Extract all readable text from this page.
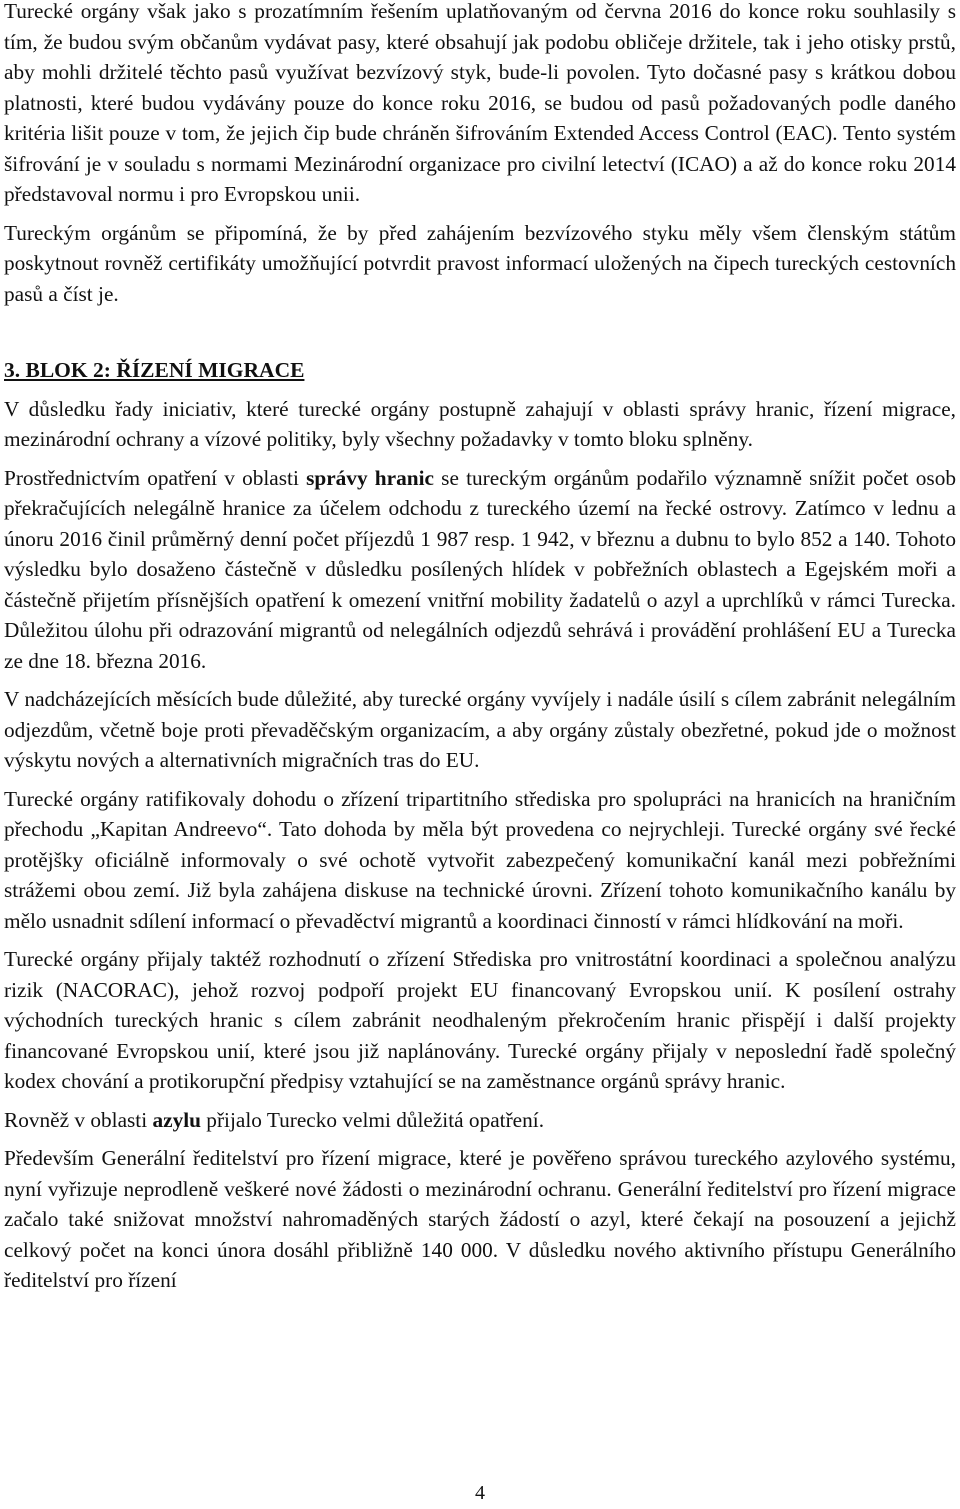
Turecké orgány však jako s prozatímním řešením uplatňovaným od června 2016 do konce roku souhlasily s tím, že budou svým občanům vydávat pasy, které obsahují jak podobu obličeje držitele, tak i jeho otisky prstů, aby mohli držitelé těchto pasů využívat bezvízový styk, bude-li povolen. Tyto dočasné pasy s krátkou dobou platnosti, které budou vydávány pouze do konce roku 2016, se budou od pasů požadovaných podle daného kritéria lišit pouze v tom, že jejich čip bude chráněn šifrováním Extended Access Control (EAC). Tento systém šifrování je v souladu s normami Mezinárodní organizace pro civilní letectví (ICAO) a až do konce roku 2014 představoval normu i pro Evropskou unii.

Tureckým orgánům se připomíná, že by před zahájením bezvízového styku měly všem členským státům poskytnout rovněž certifikáty umožňující potvrdit pravost informací uložených na čipech tureckých cestovních pasů a číst je.

3. BLOK 2: ŘÍZENÍ MIGRACE

V důsledku řady iniciativ, které turecké orgány postupně zahajují v oblasti správy hranic, řízení migrace, mezinárodní ochrany a vízové politiky, byly všechny požadavky v tomto bloku splněny.

Prostřednictvím opatření v oblasti správy hranic se tureckým orgánům podařilo významně snížit počet osob překračujících nelegálně hranice za účelem odchodu z tureckého území na řecké ostrovy. Zatímco v lednu a únoru 2016 činil průměrný denní počet příjezdů 1 987 resp. 1 942, v březnu a dubnu to bylo 852 a 140. Tohoto výsledku bylo dosaženo částečně v důsledku posílených hlídek v pobřežních oblastech a Egejském moři a částečně přijetím přísnějších opatření k omezení vnitřní mobility žadatelů o azyl a uprchlíků v rámci Turecka. Důležitou úlohu při odrazování migrantů od nelegálních odjezdů sehrává i provádění prohlášení EU a Turecka ze dne 18. března 2016.

V nadcházejících měsících bude důležité, aby turecké orgány vyvíjely i nadále úsilí s cílem zabránit nelegálním odjezdům, včetně boje proti převaděčským organizacím, a aby orgány zůstaly obezřetné, pokud jde o možnost výskytu nových a alternativních migračních tras do EU.

Turecké orgány ratifikovaly dohodu o zřízení tripartitního střediska pro spolupráci na hranicích na hraničním přechodu „Kapitan Andreevo“. Tato dohoda by měla být provedena co nejrychleji. Turecké orgány své řecké protějšky oficiálně informovaly o své ochotě vytvořit zabezpečený komunikační kanál mezi pobřežními strážemi obou zemí. Již byla zahájena diskuse na technické úrovni. Zřízení tohoto komunikačního kanálu by mělo usnadnit sdílení informací o převaděctví migrantů a koordinaci činností v rámci hlídkování na moři.

Turecké orgány přijaly taktéž rozhodnutí o zřízení Střediska pro vnitrostátní koordinaci a společnou analýzu rizik (NACORAC), jehož rozvoj podpoří projekt EU financovaný Evropskou unií. K posílení ostrahy východních tureckých hranic s cílem zabránit neodhaleným překročením hranic přispějí i další projekty financované Evropskou unií, které jsou již naplánovány. Turecké orgány přijaly v neposlední řadě společný kodex chování a protikorupční předpisy vztahující se na zaměstnance orgánů správy hranic.

Rovněž v oblasti azylu přijalo Turecko velmi důležitá opatření.

Především Generální ředitelství pro řízení migrace, které je pověřeno správou tureckého azylového systému, nyní vyřizuje neprodleně veškeré nové žádosti o mezinárodní ochranu. Generální ředitelství pro řízení migrace začalo také snižovat množství nahromaděných starých žádostí o azyl, které čekají na posouzení a jejichž celkový počet na konci února dosáhl přibližně 140 000. V důsledku nového aktivního přístupu Generálního ředitelství pro řízení

4
